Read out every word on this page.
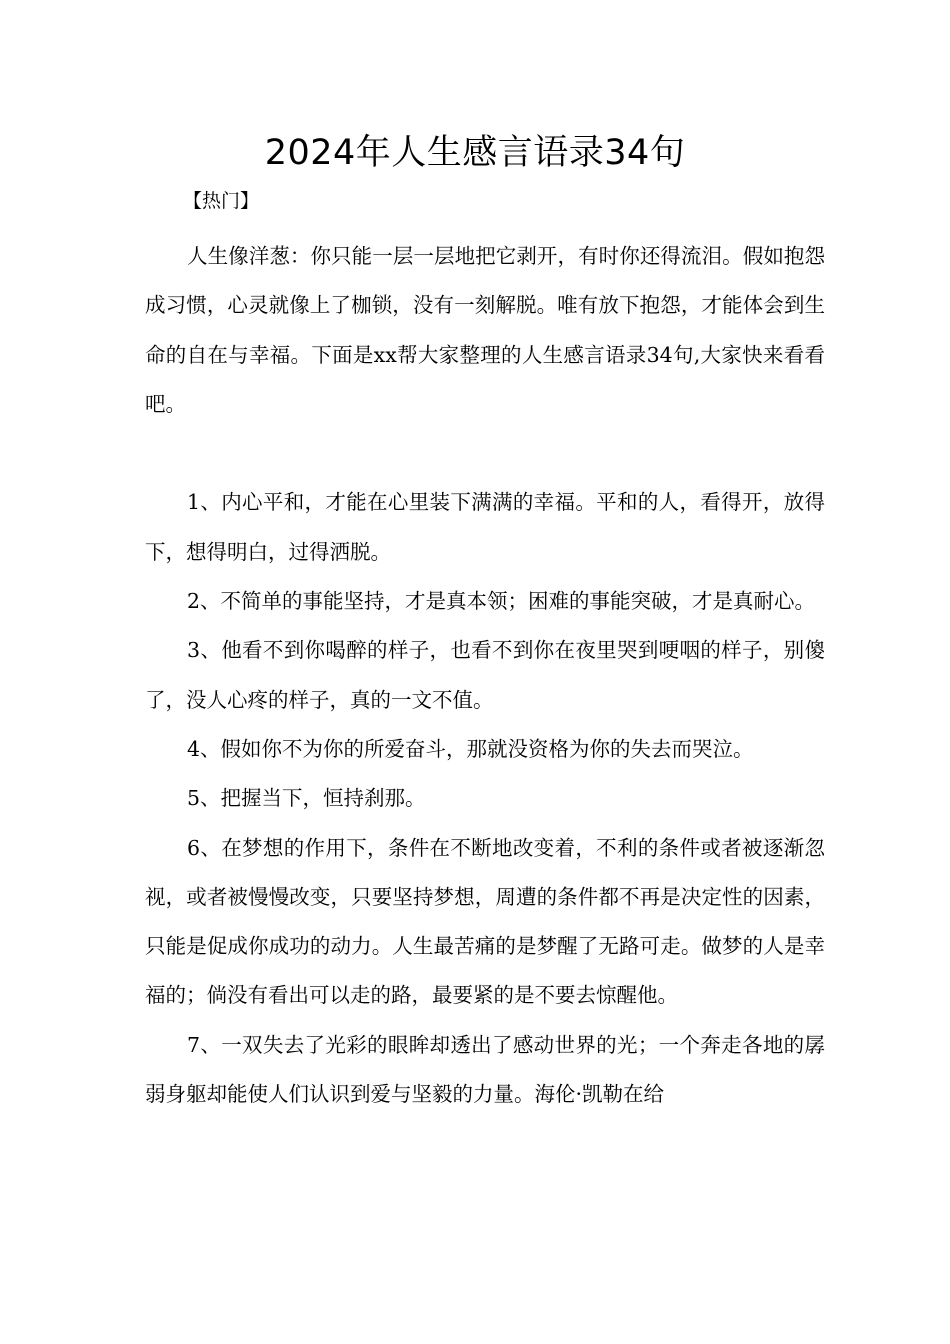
2024年人生感言语录34句
【热门】

人生像洋葱：你只能一层一层地把它剥开，有时你还得流泪。假如抱怨成习惯，心灵就像上了枷锁，没有一刻解脱。唯有放下抱怨，才能体会到生命的自在与幸福。下面是xx帮大家整理的人生感言语录34句,大家快来看看吧。

1、内心平和，才能在心里装下满满的幸福。平和的人，看得开，放得下，想得明白，过得洒脱。

2、不简单的事能坚持，才是真本领；困难的事能突破，才是真耐心。

3、他看不到你喝醉的样子，也看不到你在夜里哭到哽咽的样子，别傻了，没人心疼的样子，真的一文不值。

4、假如你不为你的所爱奋斗，那就没资格为你的失去而哭泣。

5、把握当下，恒持刹那。

6、在梦想的作用下，条件在不断地改变着，不利的条件或者被逐渐忽视，或者被慢慢改变，只要坚持梦想，周遭的条件都不再是决定性的因素，只能是促成你成功的动力。人生最苦痛的是梦醒了无路可走。做梦的人是幸福的；倘没有看出可以走的路，最要紧的是不要去惊醒他。

7、一双失去了光彩的眼眸却透出了感动世界的光；一个奔走各地的孱弱身躯却能使人们认识到爱与坚毅的力量。海伦·凯勒在给
